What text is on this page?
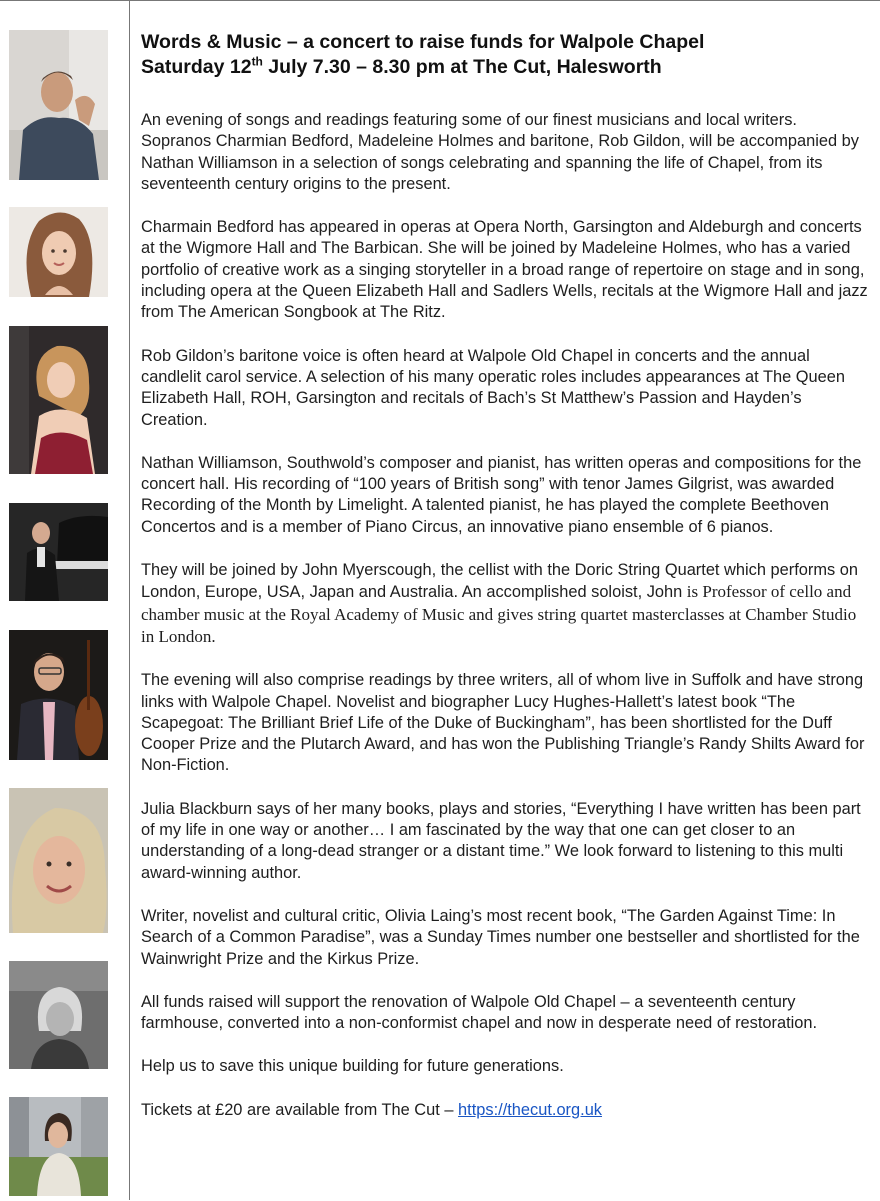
Words & Music – a concert to raise funds for Walpole Chapel
Saturday 12th July 7.30 – 8.30 pm at The Cut, Halesworth

An evening of songs and readings featuring some of our finest musicians and local writers. Sopranos Charmian Bedford, Madeleine Holmes and baritone, Rob Gildon, will be accompanied by Nathan Williamson in a selection of songs celebrating and spanning the life of Chapel, from its seventeenth century origins to the present.

Charmain Bedford has appeared in operas at Opera North, Garsington and Aldeburgh and concerts at the Wigmore Hall and The Barbican. She will be joined by Madeleine Holmes, who has a varied portfolio of creative work as a singing storyteller in a broad range of repertoire on stage and in song, including opera at the Queen Elizabeth Hall and Sadlers Wells, recitals at the Wigmore Hall and jazz from The American Songbook at The Ritz.

Rob Gildon’s baritone voice is often heard at Walpole Old Chapel in concerts and the annual candlelit carol service. A selection of his many operatic roles includes appearances at The Queen Elizabeth Hall, ROH, Garsington and recitals of Bach’s St Matthew’s Passion and Hayden’s Creation.

Nathan Williamson, Southwold’s composer and pianist, has written operas and compositions for the concert hall. His recording of “100 years of British song” with tenor James Gilgrist, was awarded Recording of the Month by Limelight. A talented pianist, he has played the complete Beethoven Concertos and is a member of Piano Circus, an innovative piano ensemble of 6 pianos.

They will be joined by John Myerscough, the cellist with the Doric String Quartet which performs on London, Europe, USA, Japan and Australia. An accomplished soloist, John is Professor of cello and chamber music at the Royal Academy of Music and gives string quartet masterclasses at Chamber Studio in London.

The evening will also comprise readings by three writers, all of whom live in Suffolk and have strong links with Walpole Chapel. Novelist and biographer Lucy Hughes-Hallett’s latest book “The Scapegoat: The Brilliant Brief Life of the Duke of Buckingham”, has been shortlisted for the Duff Cooper Prize and the Plutarch Award, and has won the Publishing Triangle’s Randy Shilts Award for Non-Fiction.

Julia Blackburn says of her many books, plays and stories, “Everything I have written has been part of my life in one way or another… I am fascinated by the way that one can get closer to an understanding of a long-dead stranger or a distant time.” We look forward to listening to this multi award-winning author.

Writer, novelist and cultural critic, Olivia Laing’s most recent book, “The Garden Against Time: In Search of a Common Paradise”, was a Sunday Times number one bestseller and shortlisted for the Wainwright Prize and the Kirkus Prize.

All funds raised will support the renovation of Walpole Old Chapel – a seventeenth century farmhouse, converted into a non-conformist chapel and now in desperate need of restoration.

Help us to save this unique building for future generations.

Tickets at £20 are available from The Cut – https://thecut.org.uk
